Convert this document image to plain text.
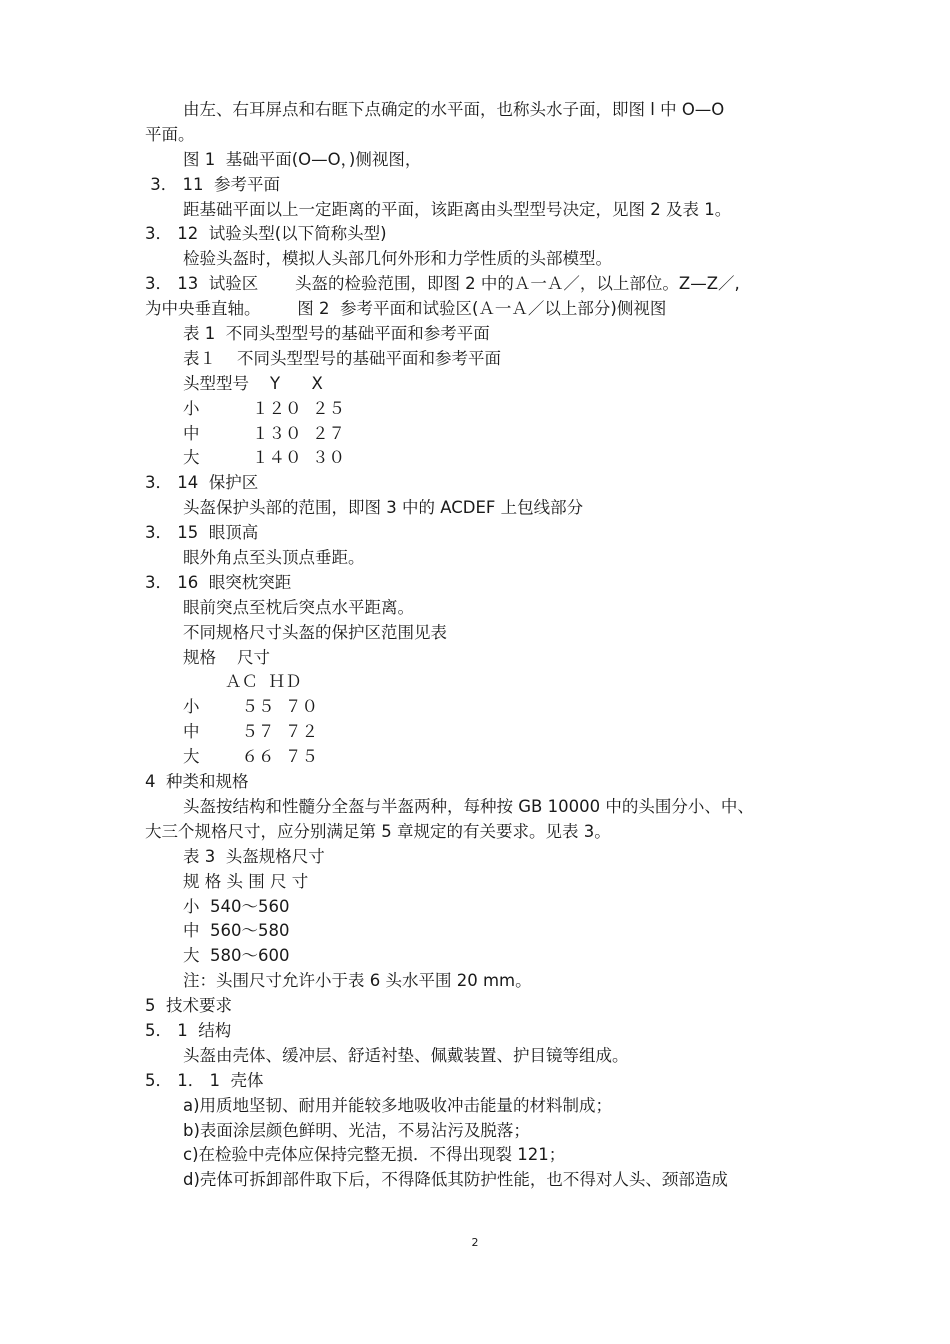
由左、右耳屏点和右眶下点确定的水平面，也称头水子面，即图 l 中 O—O
平面。
图 1  基础平面(O—O，)侧视图，
3． 11  参考平面
距基础平面以上一定距离的平面，该距离由头型型号决定，见图 2 及表 1。
3． 12  试验头型(以下简称头型)
检验头盔时，模拟人头部几何外形和力学性质的头部模型。
3． 13  试验区       头盔的检验范围，即图 2 中的Ａ一Ａ／，以上部位。Z—Z／,
为中央垂直轴。       图 2  参考平面和试验区(Ａ一Ａ／以上部分)侧视图
表 1  不同头型型号的基础平面和参考平面
表１    不同头型型号的基础平面和参考平面
头型型号    Y      X
小          １２０  ２５
中          １３０  ２７
大          １４０  ３０
3． 14  保护区
头盔保护头部的范围，即图 3 中的 ACDEF 上包线部分
3． 15  眼顶高
眼外角点至头顶点垂距。
3． 16  眼突枕突距
眼前突点至枕后突点水平距离。
不同规格尺寸头盔的保护区范围见表
规格    尺寸
ＡＣ  ＨＤ
小        ５５  ７０
中        ５７  ７２
大        ６６  ７５
4  种类和规格
头盔按结构和性髓分全盔与半盔两种，每种按 GB 10000 中的头围分小、中、
大三个规格尺寸，应分别满足第 5 章规定的有关要求。见表 3。
表 3  头盔规格尺寸
规 格 头 围 尺 寸
小  540～560
中  560～580
大  580～600
注：头围尺寸允许小于表 6 头水平围 20 mm。
5  技术要求
5． 1  结构
头盔由壳体、缓冲层、舒适衬垫、佩戴装置、护目镜等组成。
5． 1． 1  壳体
a)用质地坚韧、耐用并能较多地吸收冲击能量的材料制成；
b)表面涂层颜色鲜明、光洁，不易沾污及脱落；
c)在检验中壳体应保持完整无损．不得出现裂 121；
d)壳体可拆卸部件取下后，不得降低其防护性能，也不得对人头、颈部造成
2
